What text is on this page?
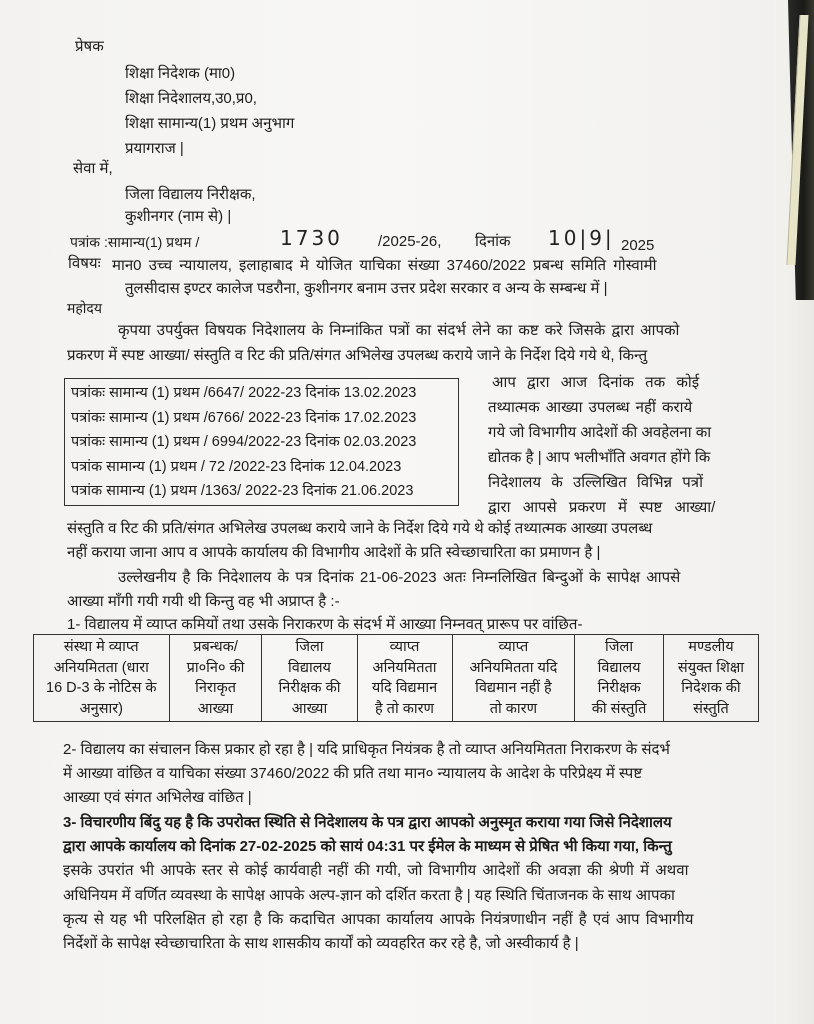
प्रेषक
शिक्षा निदेशक (मा0)
शिक्षा निदेशालय,उ0,प्र0,
शिक्षा सामान्य(1) प्रथम अनुभाग
प्रयागराज |
सेवा में,
जिला विद्यालय निरीक्षक,
कुशीनगर (नाम से) |
पत्रांक :सामान्य(1) प्रथम /	1730 /2025-26, दिनांक 10|9| 2025
विषयः मान0 उच्च न्यायालय, इलाहाबाद मे योजित याचिका संख्या 37460/2022 प्रबन्ध समिति गोस्वामी
तुलसीदास इण्टर कालेज पडरौना, कुशीनगर बनाम उत्तर प्रदेश सरकार व अन्य के सम्बन्ध में |
महोदय
कृपया उपर्युक्त विषयक निदेशालय के निम्नांकित पत्रों का संदर्भ लेने का कष्ट करे जिसके द्वारा आपको
प्रकरण में स्पष्ट आख्या/ संस्तुति व रिट की प्रति/संगत अभिलेख उपलब्ध कराये जाने के निर्देश दिये गये थे, किन्तु
पत्रांकः सामान्य (1) प्रथम /6647/ 2022-23 दिनांक 13.02.2023
पत्रांकः सामान्य (1) प्रथम /6766/ 2022-23 दिनांक 17.02.2023
पत्रांकः सामान्य (1) प्रथम / 6994/2022-23 दिनांक 02.03.2023
पत्रांक सामान्य (1) प्रथम / 72 /2022-23 दिनांक 12.04.2023
पत्रांक सामान्य (1) प्रथम /1363/ 2022-23 दिनांक 21.06.2023
आप द्वारा आज दिनांक तक कोई
तथ्यात्मक आख्या उपलब्ध नहीं कराये
गये जो विभागीय आदेशों की अवहेलना का
द्योतक है | आप भलीभाँति अवगत होंगे कि
निदेशालय के उल्लिखित विभिन्न पत्रों
द्वारा आपसे प्रकरण में स्पष्ट आख्या/
संस्तुति व रिट की प्रति/संगत अभिलेख उपलब्ध कराये जाने के निर्देश दिये गये थे कोई तथ्यात्मक आख्या उपलब्ध
नहीं कराया जाना आप व आपके कार्यालय की विभागीय आदेशों के प्रति स्वेच्छाचारिता का प्रमाणन है |
उल्लेखनीय है कि निदेशालय के पत्र दिनांक 21-06-2023 अतः निम्नलिखित बिन्दुओं के सापेक्ष आपसे
आख्या माँगी गयी गयी थी किन्तु वह भी अप्राप्त है :-
1- विद्यालय में व्याप्त कमियों तथा उसके निराकरण के संदर्भ में आख्या निम्नवत् प्रारूप पर वांछित-
संस्था मे व्याप्त
अनियमितता (धारा
16 D-3 के नोटिस के
अनुसार)

प्रबन्धक/
प्रा०नि० की
निराकृत
आख्या

जिला
विद्यालय
निरीक्षक की
आख्या

व्याप्त
अनियमितता
यदि विद्यमान
है तो कारण

व्याप्त
अनियमितता यदि
विद्यमान नहीं है
तो कारण

जिला
विद्यालय
निरीक्षक
की संस्तुति

मण्डलीय
संयुक्त शिक्षा
निदेशक की
संस्तुति
2- विद्यालय का संचालन किस प्रकार हो रहा है | यदि प्राधिकृत नियंत्रक है तो व्याप्त अनियमितता निराकरण के संदर्भ
में आख्या वांछित व याचिका संख्या 37460/2022 की प्रति तथा मान० न्यायालय के आदेश के परिप्रेक्ष्य में स्पष्ट
आख्या एवं संगत अभिलेख वांछित |
3- विचारणीय बिंदु यह है कि उपरोक्त स्थिति से निदेशालय के पत्र द्वारा आपको अनुस्मृत कराया गया जिसे निदेशालय
द्वारा आपके कार्यालय को दिनांक 27-02-2025 को सायं 04:31 पर ईमेल के माध्यम से प्रेषित भी किया गया, किन्तु
इसके उपरांत भी आपके स्तर से कोई कार्यवाही नहीं की गयी, जो विभागीय आदेशों की अवज्ञा की श्रेणी में अथवा
अधिनियम में वर्णित व्यवस्था के सापेक्ष आपके अल्प-ज्ञान को दर्शित करता है | यह स्थिति चिंताजनक के साथ आपका
कृत्य से यह भी परिलक्षित हो रहा है कि कदाचित आपका कार्यालय आपके नियंत्रणाधीन नहीं है एवं आप विभागीय
निर्देशों के सापेक्ष स्वेच्छाचारिता के साथ शासकीय कार्यों को व्यवहरित कर रहे है, जो अस्वीकार्य है |
